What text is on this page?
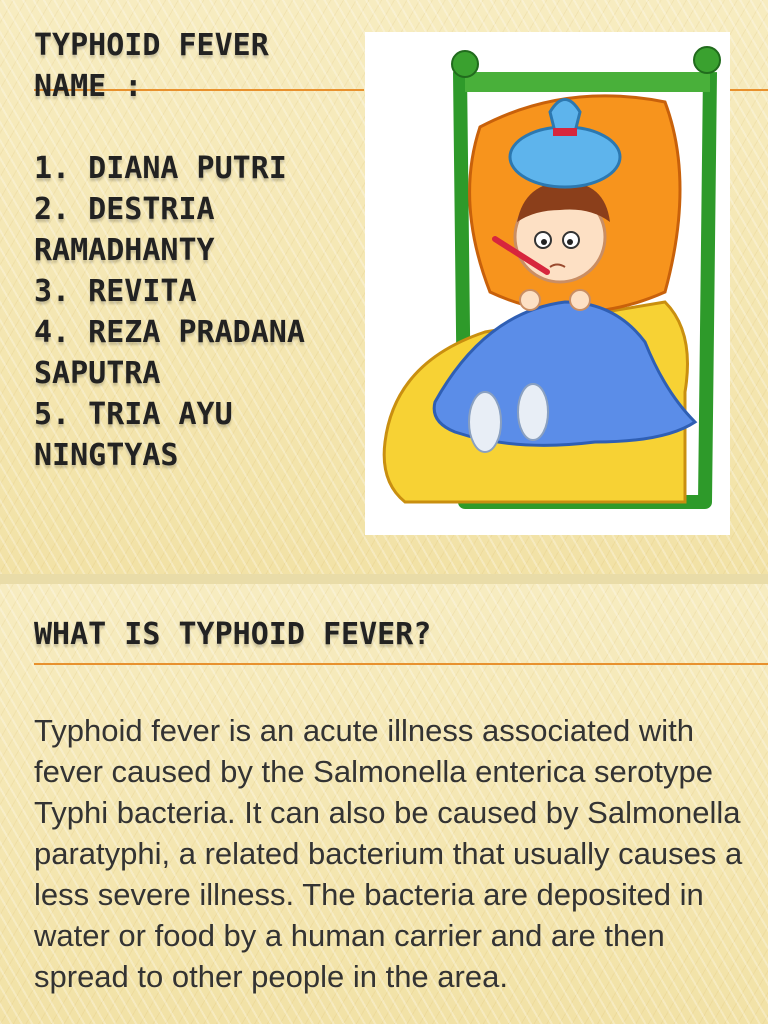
TYPHOID FEVER
NAME :

1. DIANA PUTRI
2. DESTRIA RAMADHANTY
3. REVITA
4. REZA PRADANA SAPUTRA
5. TRIA AYU NINGTYAS
WHAT IS TYPHOID FEVER?

Typhoid fever is an acute illness associated with fever caused by the Salmonella enterica serotype Typhi bacteria. It can also be caused by Salmonella paratyphi, a related bacterium that usually causes a less severe illness. The bacteria are deposited in water or food by a human carrier and are then spread to other people in the area.
